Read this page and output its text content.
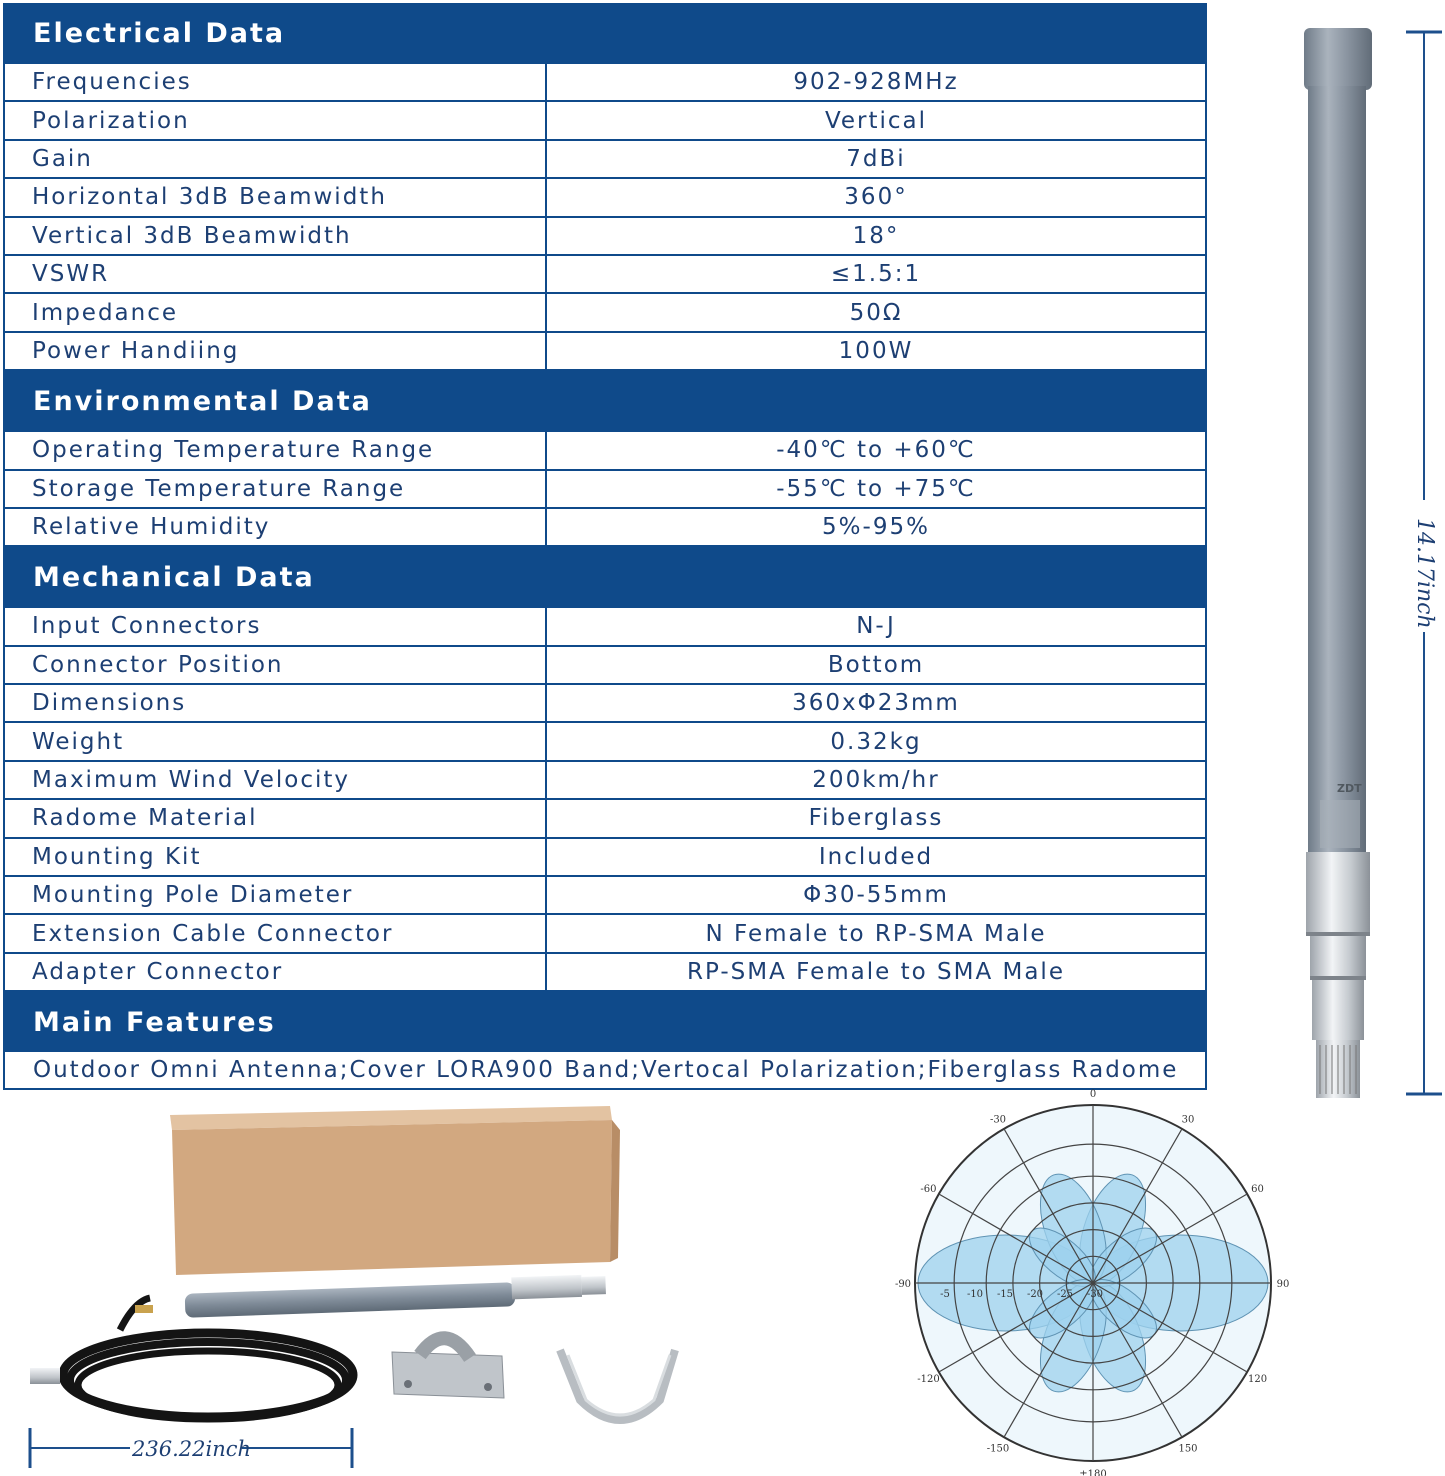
Electrical Data
Frequencies	902-928MHz
Polarization	Vertical
Gain	7dBi
Horizontal 3dB Beamwidth	360°
Vertical 3dB Beamwidth	18°
VSWR	≤1.5:1
Impedance	50Ω
Power Handiing	100W
Environmental Data
Operating Temperature Range	-40℃ to +60℃
Storage Temperature Range	-55℃ to +75℃
Relative Humidity	5%-95%
Mechanical Data
Input Connectors	N-J
Connector Position	Bottom
Dimensions	360xΦ23mm
Weight	0.32kg
Maximum Wind Velocity	200km/hr
Radome Material	Fiberglass
Mounting Kit	Included
Mounting Pole Diameter	Φ30-55mm
Extension Cable Connector	N Female to RP-SMA Male
Adapter Connector	RP-SMA Female to SMA Male
Main Features
Outdoor Omni Antenna;Cover LORA900 Band;Vertocal Polarization;Fiberglass Radome
ZDT
14.17inch
236.22inch
0
30
60
90
120
150
±180
-150
-120
-90
-60
-30
-5 -10 -15 -20 -25 -30
